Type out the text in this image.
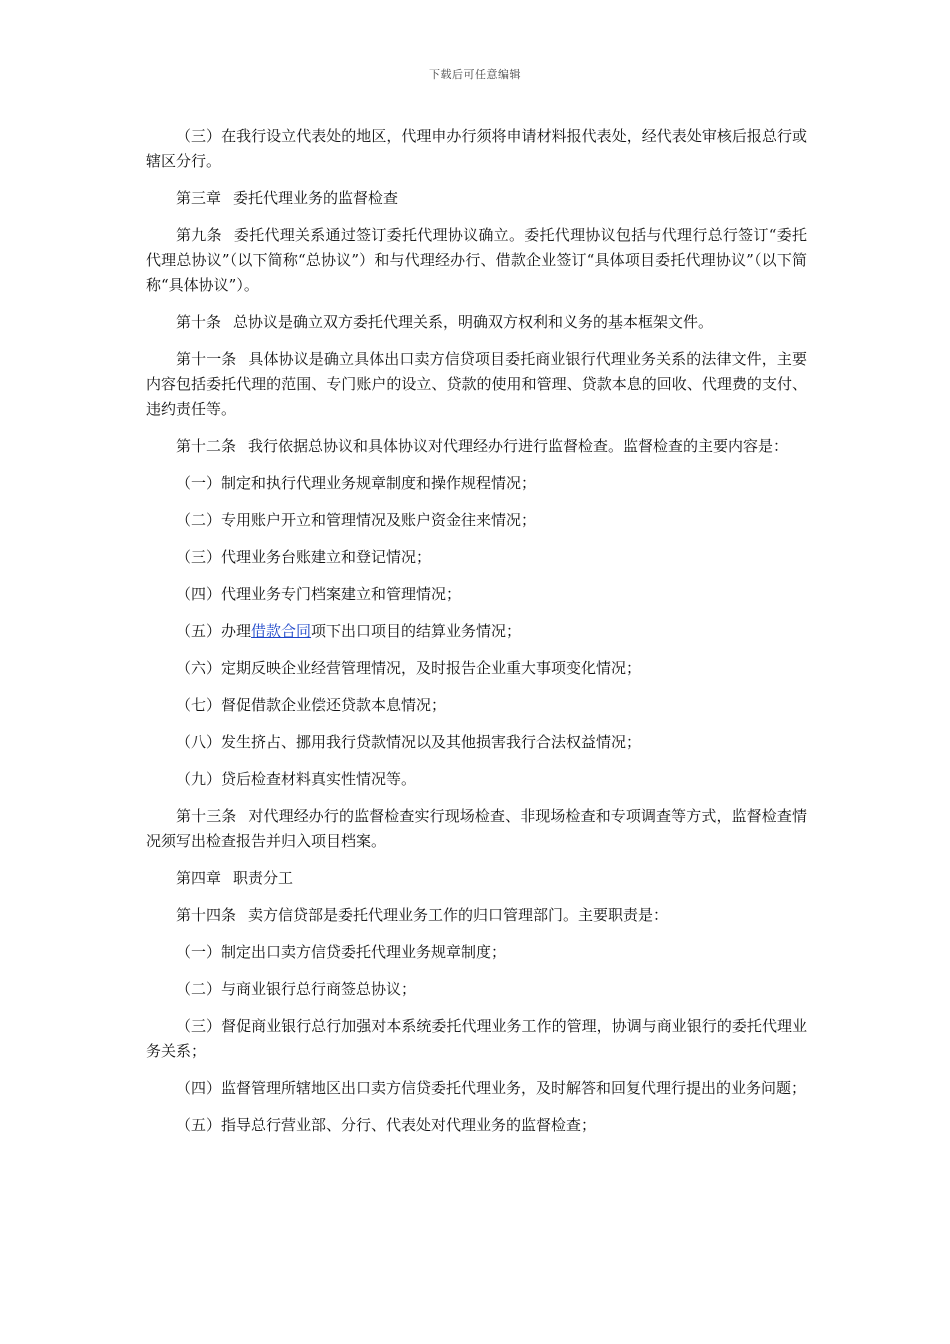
下载后可任意编辑

（三）在我行设立代表处的地区，代理申办行须将申请材料报代表处，经代表处审核后报总行或辖区分行。

第三章 委托代理业务的监督检查

第九条 委托代理关系通过签订委托代理协议确立。委托代理协议包括与代理行总行签订“委托代理总协议”（以下简称“总协议”）和与代理经办行、借款企业签订“具体项目委托代理协议”（以下简称“具体协议”）。

第十条 总协议是确立双方委托代理关系，明确双方权利和义务的基本框架文件。

第十一条 具体协议是确立具体出口卖方信贷项目委托商业银行代理业务关系的法律文件，主要内容包括委托代理的范围、专门账户的设立、贷款的使用和管理、贷款本息的回收、代理费的支付、违约责任等。

第十二条 我行依据总协议和具体协议对代理经办行进行监督检查。监督检查的主要内容是：

（一）制定和执行代理业务规章制度和操作规程情况；

（二）专用账户开立和管理情况及账户资金往来情况；

（三）代理业务台账建立和登记情况；

（四）代理业务专门档案建立和管理情况；

（五）办理借款合同项下出口项目的结算业务情况；

（六）定期反映企业经营管理情况，及时报告企业重大事项变化情况；

（七）督促借款企业偿还贷款本息情况；

（八）发生挤占、挪用我行贷款情况以及其他损害我行合法权益情况；

（九）贷后检查材料真实性情况等。

第十三条 对代理经办行的监督检查实行现场检查、非现场检查和专项调查等方式，监督检查情况须写出检查报告并归入项目档案。

第四章 职责分工

第十四条 卖方信贷部是委托代理业务工作的归口管理部门。主要职责是：

（一）制定出口卖方信贷委托代理业务规章制度；

（二）与商业银行总行商签总协议；

（三）督促商业银行总行加强对本系统委托代理业务工作的管理，协调与商业银行的委托代理业务关系；

（四）监督管理所辖地区出口卖方信贷委托代理业务，及时解答和回复代理行提出的业务问题；

（五）指导总行营业部、分行、代表处对代理业务的监督检查；
